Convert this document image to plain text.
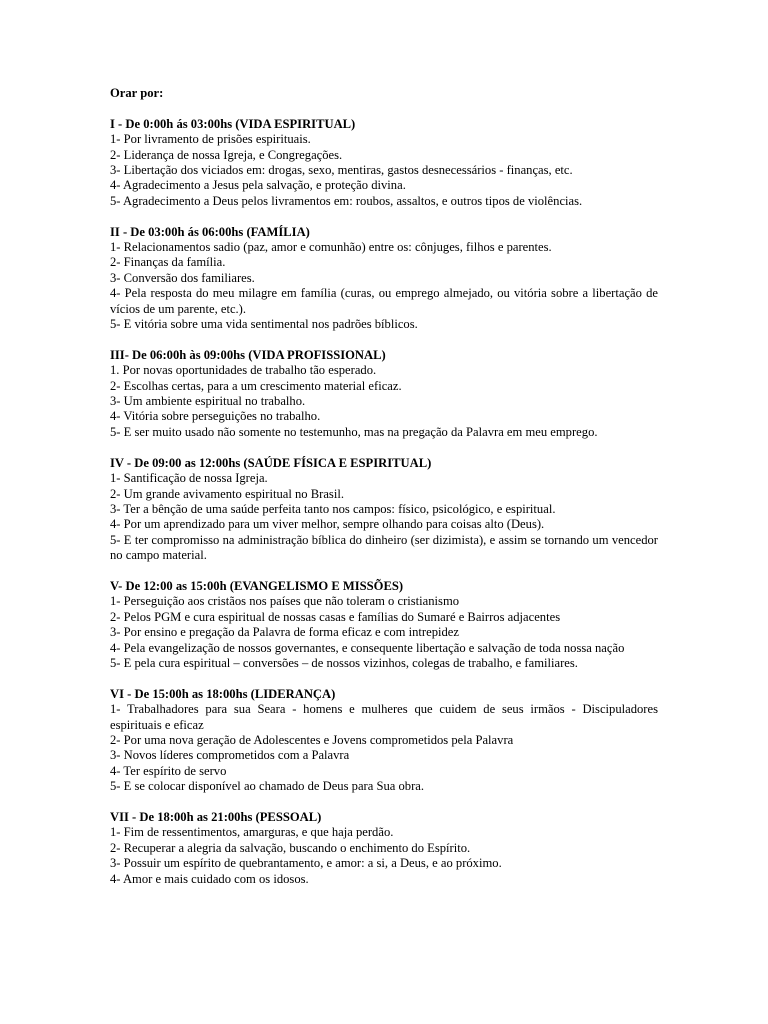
Orar por:
I - De 0:00h ás 03:00hs (VIDA ESPIRITUAL)
1- Por livramento de prisões espirituais.
2- Liderança de nossa Igreja, e Congregações.
3- Libertação dos viciados em: drogas, sexo, mentiras, gastos desnecessários - finanças, etc.
4- Agradecimento a Jesus pela salvação, e proteção divina.
5- Agradecimento a Deus pelos livramentos em: roubos, assaltos, e outros tipos de violências.
II - De 03:00h ás 06:00hs (FAMÍLIA)
1- Relacionamentos sadio (paz, amor e comunhão) entre os: cônjuges, filhos e parentes.
2- Finanças da família.
3- Conversão dos familiares.
4- Pela resposta do meu milagre em família (curas, ou emprego almejado, ou vitória sobre a libertação de vícios de um parente, etc.).
5- E vitória sobre uma vida sentimental nos padrões bíblicos.
III- De 06:00h às 09:00hs (VIDA PROFISSIONAL)
1. Por novas oportunidades de trabalho tão esperado.
2- Escolhas certas, para a um crescimento material eficaz.
3- Um ambiente espiritual no trabalho.
4- Vitória sobre perseguições no trabalho.
5- E ser muito usado não somente no testemunho, mas na pregação da Palavra em meu emprego.
IV - De 09:00 as 12:00hs (SAÚDE FÍSICA E ESPIRITUAL)
1- Santificação de nossa Igreja.
2- Um grande avivamento espiritual no Brasil.
3- Ter a bênção de uma saúde perfeita tanto nos campos: físico, psicológico, e espiritual.
4- Por um aprendizado para um viver melhor, sempre olhando para coisas alto (Deus).
5- E ter compromisso na administração bíblica do dinheiro (ser dizimista), e assim se tornando um vencedor no campo material.
V- De 12:00 as 15:00h (EVANGELISMO E MISSÕES)
1- Perseguição aos cristãos nos países que não toleram o cristianismo
2- Pelos PGM e cura espiritual de nossas casas e famílias do Sumaré e Bairros adjacentes
3- Por ensino e pregação da Palavra de forma eficaz e com intrepidez
4- Pela evangelização de nossos governantes, e consequente libertação e salvação de toda nossa nação
5- E pela cura espiritual – conversões – de nossos vizinhos, colegas de trabalho, e familiares.
VI - De 15:00h as 18:00hs (LIDERANÇA)
1- Trabalhadores para sua Seara - homens e mulheres que cuidem de seus irmãos - Discipuladores espirituais e eficaz
2- Por uma nova geração de Adolescentes e Jovens comprometidos pela Palavra
3- Novos líderes comprometidos com a Palavra
4- Ter espírito de servo
5- E se colocar disponível ao chamado de Deus para Sua obra.
VII - De 18:00h as 21:00hs (PESSOAL)
1- Fim de ressentimentos, amarguras, e que haja perdão.
2- Recuperar a alegria da salvação, buscando o enchimento do Espírito.
3- Possuir um espírito de quebrantamento, e amor: a si, a Deus, e ao próximo.
4- Amor e mais cuidado com os idosos.
